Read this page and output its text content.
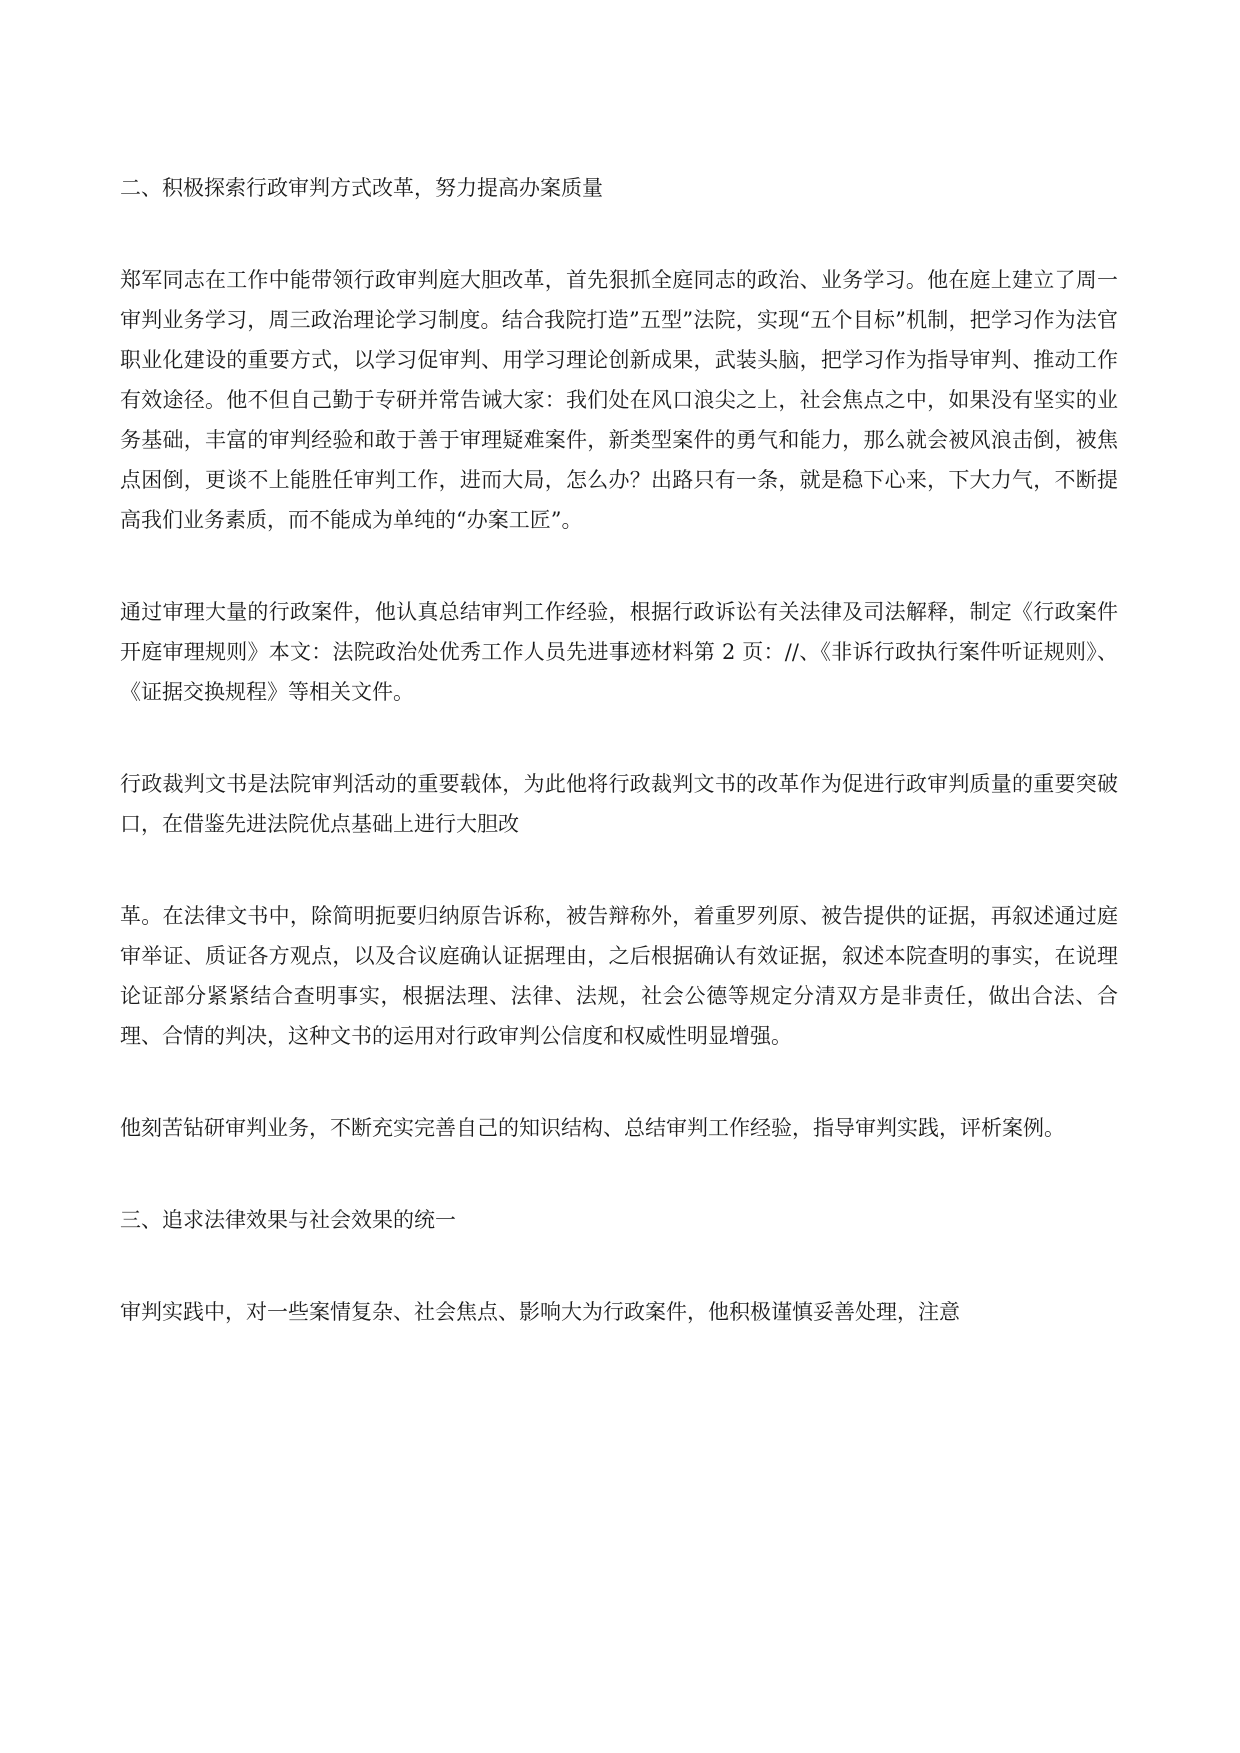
二、积极探索行政审判方式改革，努力提高办案质量

郑军同志在工作中能带领行政审判庭大胆改革，首先狠抓全庭同志的政治、业务学习。他在庭上建立了周一审判业务学习，周三政治理论学习制度。结合我院打造”五型”法院，实现“五个目标”机制，把学习作为法官职业化建设的重要方式，以学习促审判、用学习理论创新成果，武装头脑，把学习作为指导审判、推动工作有效途径。他不但自己勤于专研并常告诫大家：我们处在风口浪尖之上，社会焦点之中，如果没有坚实的业务基础，丰富的审判经验和敢于善于审理疑难案件，新类型案件的勇气和能力，那么就会被风浪击倒，被焦点困倒，更谈不上能胜任审判工作，进而大局，怎么办？出路只有一条，就是稳下心来，下大力气，不断提高我们业务素质，而不能成为单纯的“办案工匠”。

通过审理大量的行政案件，他认真总结审判工作经验，根据行政诉讼有关法律及司法解释，制定《行政案件开庭审理规则》本文：法院政治处优秀工作人员先进事迹材料第 2 页：//、《非诉行政执行案件听证规则》、《证据交换规程》等相关文件。

行政裁判文书是法院审判活动的重要载体，为此他将行政裁判文书的改革作为促进行政审判质量的重要突破口，在借鉴先进法院优点基础上进行大胆改

革。在法律文书中，除简明扼要归纳原告诉称，被告辩称外，着重罗列原、被告提供的证据，再叙述通过庭审举证、质证各方观点，以及合议庭确认证据理由，之后根据确认有效证据，叙述本院查明的事实，在说理论证部分紧紧结合查明事实，根据法理、法律、法规，社会公德等规定分清双方是非责任，做出合法、合理、合情的判决，这种文书的运用对行政审判公信度和权威性明显增强。

他刻苦钻研审判业务，不断充实完善自己的知识结构、总结审判工作经验，指导审判实践，评析案例。

三、追求法律效果与社会效果的统一

审判实践中，对一些案情复杂、社会焦点、影响大为行政案件，他积极谨慎妥善处理，注意
